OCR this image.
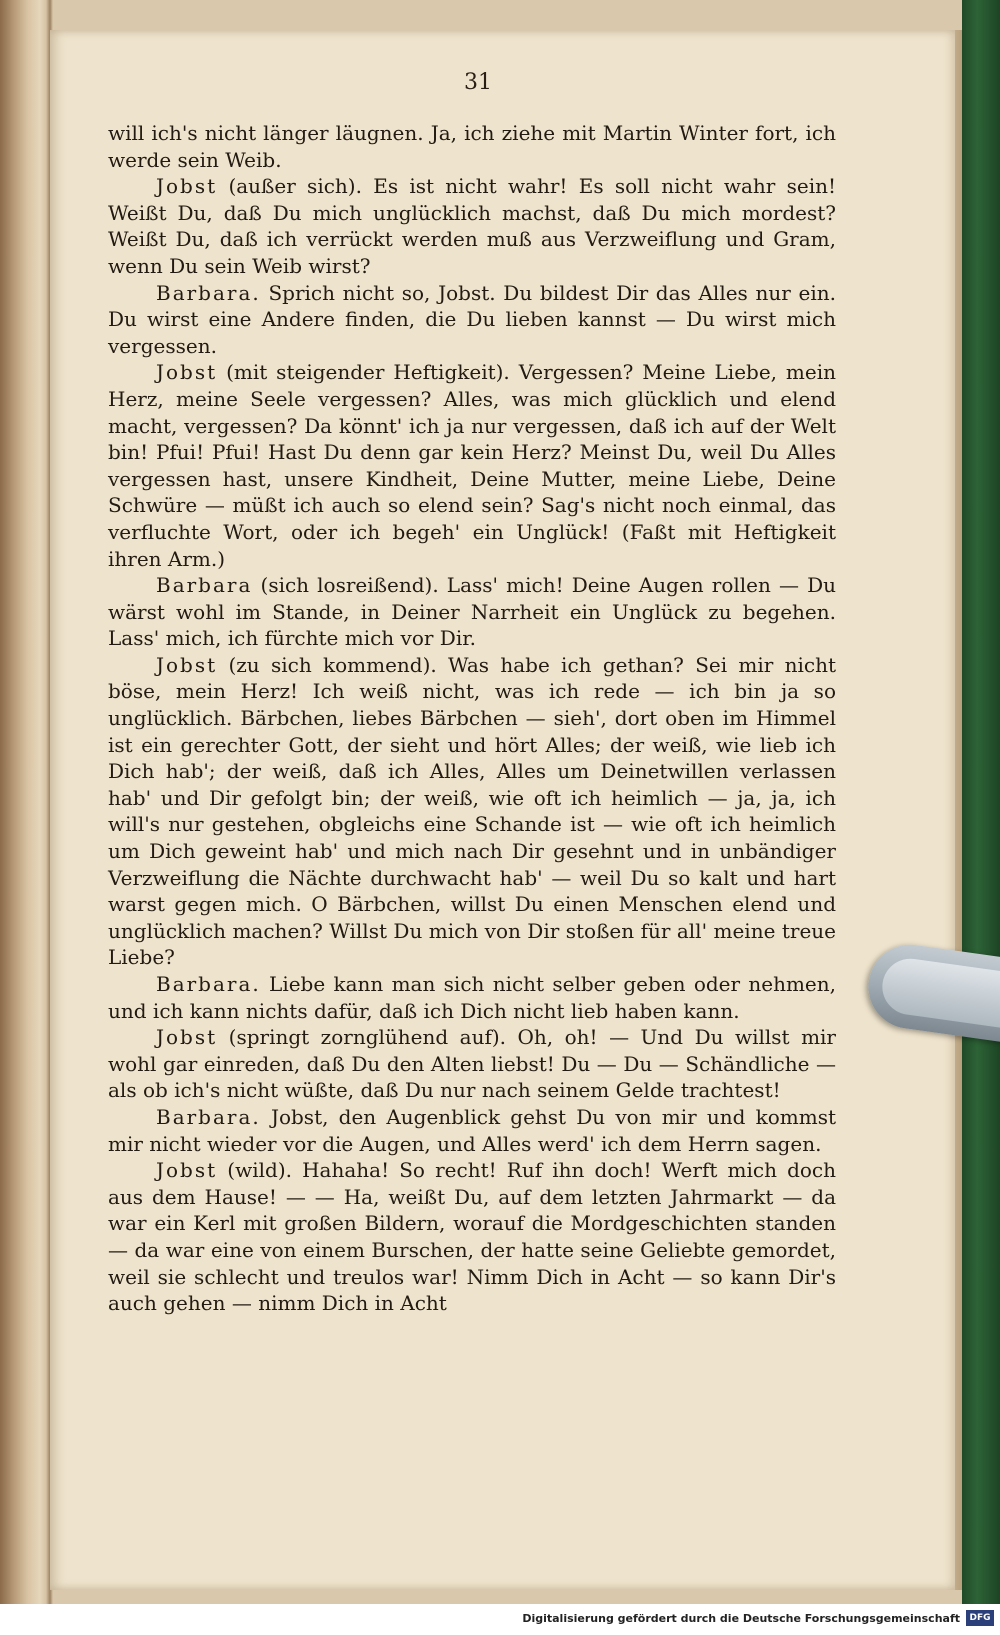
31

will ich's nicht länger läugnen. Ja, ich ziehe mit Martin Winter fort, ich werde sein Weib.

Jobst (außer sich). Es ist nicht wahr! Es soll nicht wahr sein! Weißt Du, daß Du mich unglücklich machst, daß Du mich mordest? Weißt Du, daß ich verrückt werden muß aus Verzweiflung und Gram, wenn Du sein Weib wirst?

Barbara. Sprich nicht so, Jobst. Du bildest Dir das Alles nur ein. Du wirst eine Andere finden, die Du lieben kannst — Du wirst mich vergessen.

Jobst (mit steigender Heftigkeit). Vergessen? Meine Liebe, mein Herz, meine Seele vergessen? Alles, was mich glücklich und elend macht, vergessen? Da könnt' ich ja nur vergessen, daß ich auf der Welt bin! Pfui! Pfui! Hast Du denn gar kein Herz? Meinst Du, weil Du Alles vergessen hast, unsere Kindheit, Deine Mutter, meine Liebe, Deine Schwüre — müßt ich auch so elend sein? Sag's nicht noch einmal, das verfluchte Wort, oder ich begeh' ein Unglück! (Faßt mit Heftigkeit ihren Arm.)

Barbara (sich losreißend). Lass' mich! Deine Augen rollen — Du wärst wohl im Stande, in Deiner Narrheit ein Unglück zu begehen. Lass' mich, ich fürchte mich vor Dir.

Jobst (zu sich kommend). Was habe ich gethan? Sei mir nicht böse, mein Herz! Ich weiß nicht, was ich rede — ich bin ja so unglücklich. Bärbchen, liebes Bärbchen — sieh', dort oben im Himmel ist ein gerechter Gott, der sieht und hört Alles; der weiß, wie lieb ich Dich hab'; der weiß, daß ich Alles, Alles um Deinetwillen verlassen hab' und Dir gefolgt bin; der weiß, wie oft ich heimlich — ja, ja, ich will's nur gestehen, obgleichs eine Schande ist — wie oft ich heimlich um Dich geweint hab' und mich nach Dir gesehnt und in unbändiger Verzweiflung die Nächte durchwacht hab' — weil Du so kalt und hart warst gegen mich. O Bärbchen, willst Du einen Menschen elend und unglücklich machen? Willst Du mich von Dir stoßen für all' meine treue Liebe?

Barbara. Liebe kann man sich nicht selber geben oder nehmen, und ich kann nichts dafür, daß ich Dich nicht lieb haben kann.

Jobst (springt zornglühend auf). Oh, oh! — Und Du willst mir wohl gar einreden, daß Du den Alten liebst! Du — Du — Schändliche — als ob ich's nicht wüßte, daß Du nur nach seinem Gelde trachtest!

Barbara. Jobst, den Augenblick gehst Du von mir und kommst mir nicht wieder vor die Augen, und Alles werd' ich dem Herrn sagen.

Jobst (wild). Hahaha! So recht! Ruf ihn doch! Werft mich doch aus dem Hause! — — Ha, weißt Du, auf dem letzten Jahrmarkt — da war ein Kerl mit großen Bildern, worauf die Mordgeschichten standen — da war eine von einem Burschen, der hatte seine Geliebte gemordet, weil sie schlecht und treulos war! Nimm Dich in Acht — so kann Dir's auch gehen — nimm Dich in Acht

Digitalisierung gefördert durch die Deutsche Forschungsgemeinschaft	DFG
